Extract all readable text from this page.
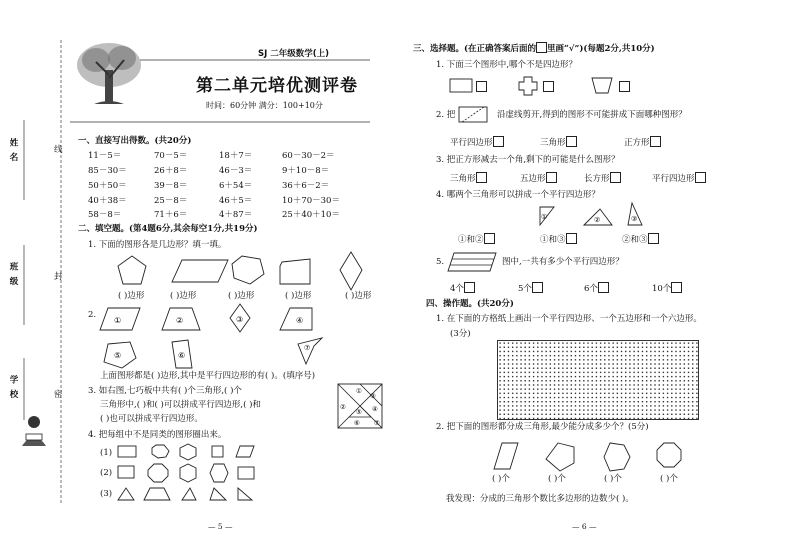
姓名	线
班级	封
学校	密
SJ 二年级数学(上)
第二单元培优测评卷
时间：60分钟 满分：100+10分
一、直接写出得数。(共20分)
11－5＝	70－5＝	18＋7＝	60－30－2＝
85－30＝	26＋8＝	46－3＝	9＋10－8＝
50＋50＝	39－8＝	6＋54＝	36＋6－2＝
40＋38＝	25－8＝	46＋5＝	10＋70－30＝
58－8＝	71＋6＝	4＋87＝	25＋40＋10＝
二、填空题。(第4题6分,其余每空1分,共19分)
1. 下面的图形各是几边形？填一填。
( )边形	( )边形	( )边形	( )边形	( )边形
2.
①	②	③	④
⑤	⑥
⑦
上面图形都是( )边形,其中是平行四边形的有( )。(填序号)
3. 如右图,七巧板中共有( )个三角形,( )个
三角形中,( )和( )可以拼成平行四边形,( )和
( )也可以拼成平行四边形。
①
②
③
④
⑤
⑥ ⑦
4. 把每组中不是同类的图形圈出来。
(1)
(2)
(3)
— 5 —
三、选择题。(在正确答案后面的 里画“√”)(每题2分,共10分)
1. 下面三个图形中,哪个不是四边形？
2. 把	沿虚线剪开,得到的图形不可能拼成下面哪种图形？
平行四边形	三角形	正方形
3. 把正方形减去一个角,剩下的可能是什么图形？
三角形	五边形	长方形	平行四边形
4. 哪两个三角形可以拼成一个平行四边形？
①	②	③
①和②	①和③	②和③
5.	图中,一共有多少个平行四边形？
4个	5个	6个	10个
四、操作题。(共20分)
1. 在下面的方格纸上画出一个平行四边形、一个五边形和一个六边形。
(3分)
2. 把下面的图形都分成三角形,最少能分成多少个？(5分)
( )个	( )个	( )个	( )个
我发现：分成的三角形个数比多边形的边数少( )。
— 6 —
